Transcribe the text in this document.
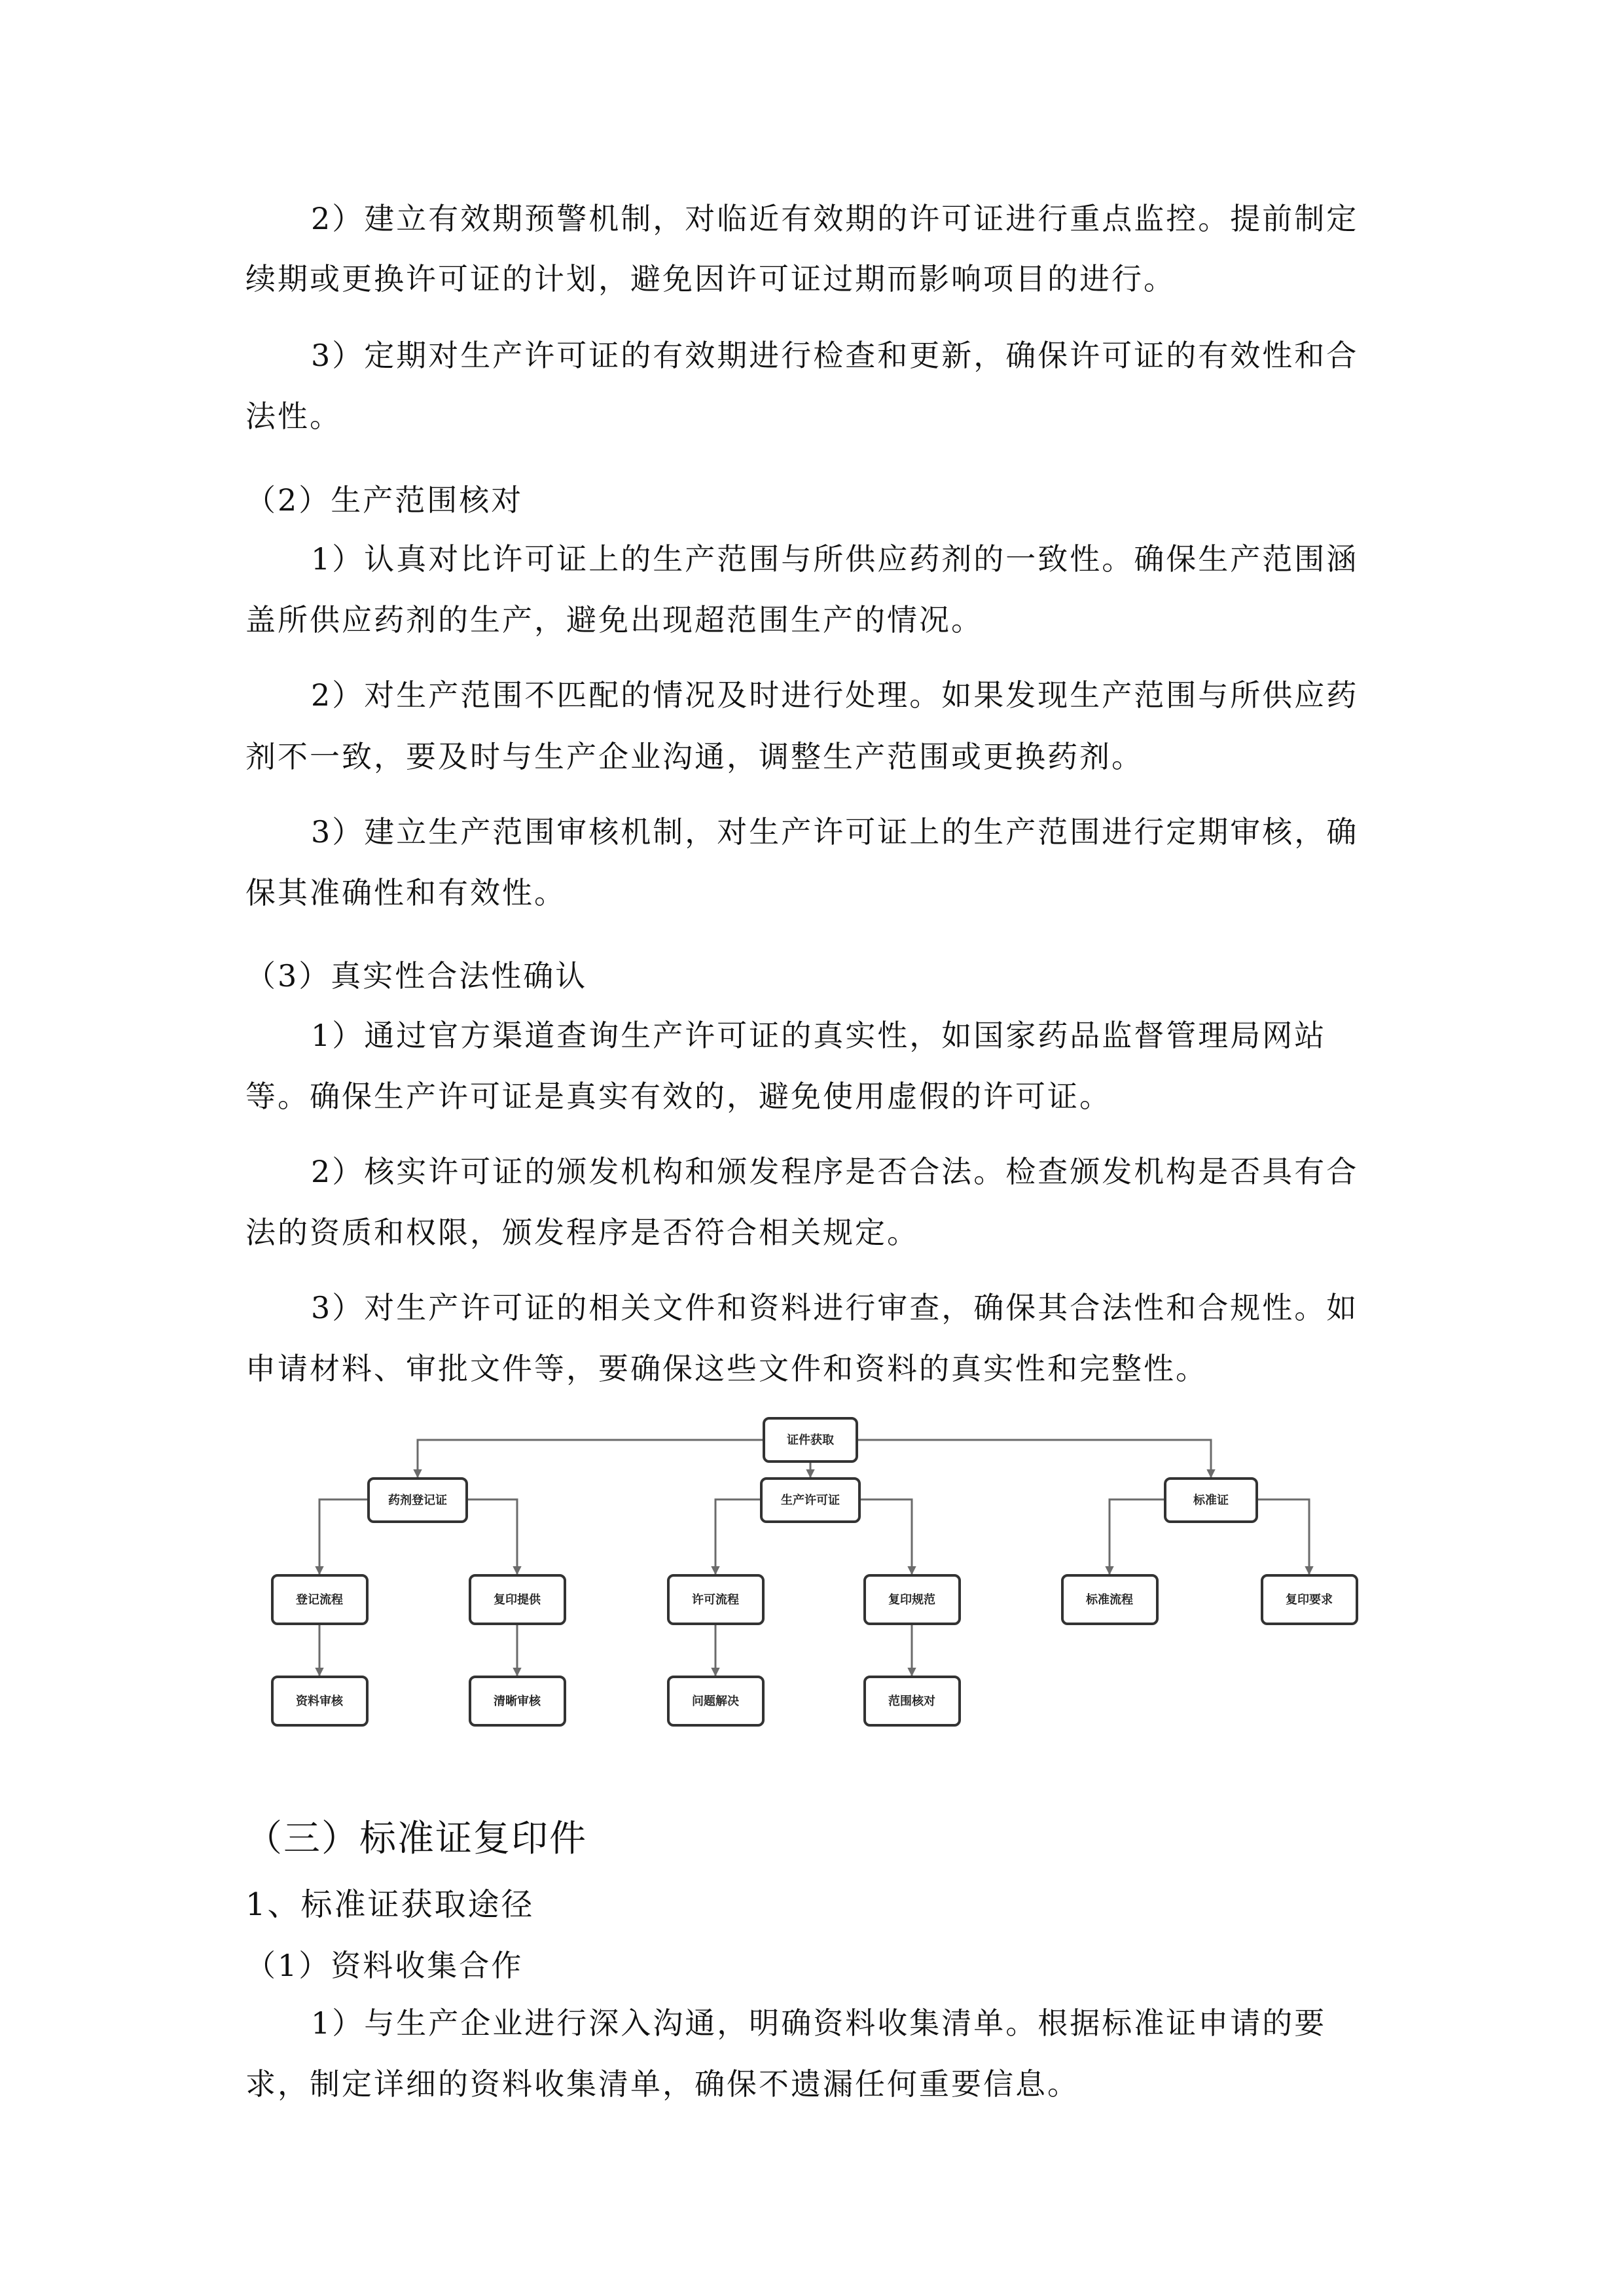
2）建立有效期预警机制，对临近有效期的许可证进行重点监控。提前制定

续期或更换许可证的计划，避免因许可证过期而影响项目的进行。

3）定期对生产许可证的有效期进行检查和更新，确保许可证的有效性和合

法性。

（2）生产范围核对

1）认真对比许可证上的生产范围与所供应药剂的一致性。确保生产范围涵

盖所供应药剂的生产，避免出现超范围生产的情况。

2）对生产范围不匹配的情况及时进行处理。如果发现生产范围与所供应药

剂不一致，要及时与生产企业沟通，调整生产范围或更换药剂。

3）建立生产范围审核机制，对生产许可证上的生产范围进行定期审核，确

保其准确性和有效性。

（3）真实性合法性确认

1）通过官方渠道查询生产许可证的真实性，如国家药品监督管理局网站

等。确保生产许可证是真实有效的，避免使用虚假的许可证。

2）核实许可证的颁发机构和颁发程序是否合法。检查颁发机构是否具有合

法的资质和权限，颁发程序是否符合相关规定。

3）对生产许可证的相关文件和资料进行审查，确保其合法性和合规性。如

申请材料、审批文件等，要确保这些文件和资料的真实性和完整性。

证件获取
药剂登记证	生产许可证	标准证
登记流程	复印提供	许可流程	复印规范	标准流程	复印要求
资料审核	清晰审核	问题解决	范围核对

（三）标准证复印件

1、标准证获取途径

（1）资料收集合作

1）与生产企业进行深入沟通，明确资料收集清单。根据标准证申请的要

求，制定详细的资料收集清单，确保不遗漏任何重要信息。
